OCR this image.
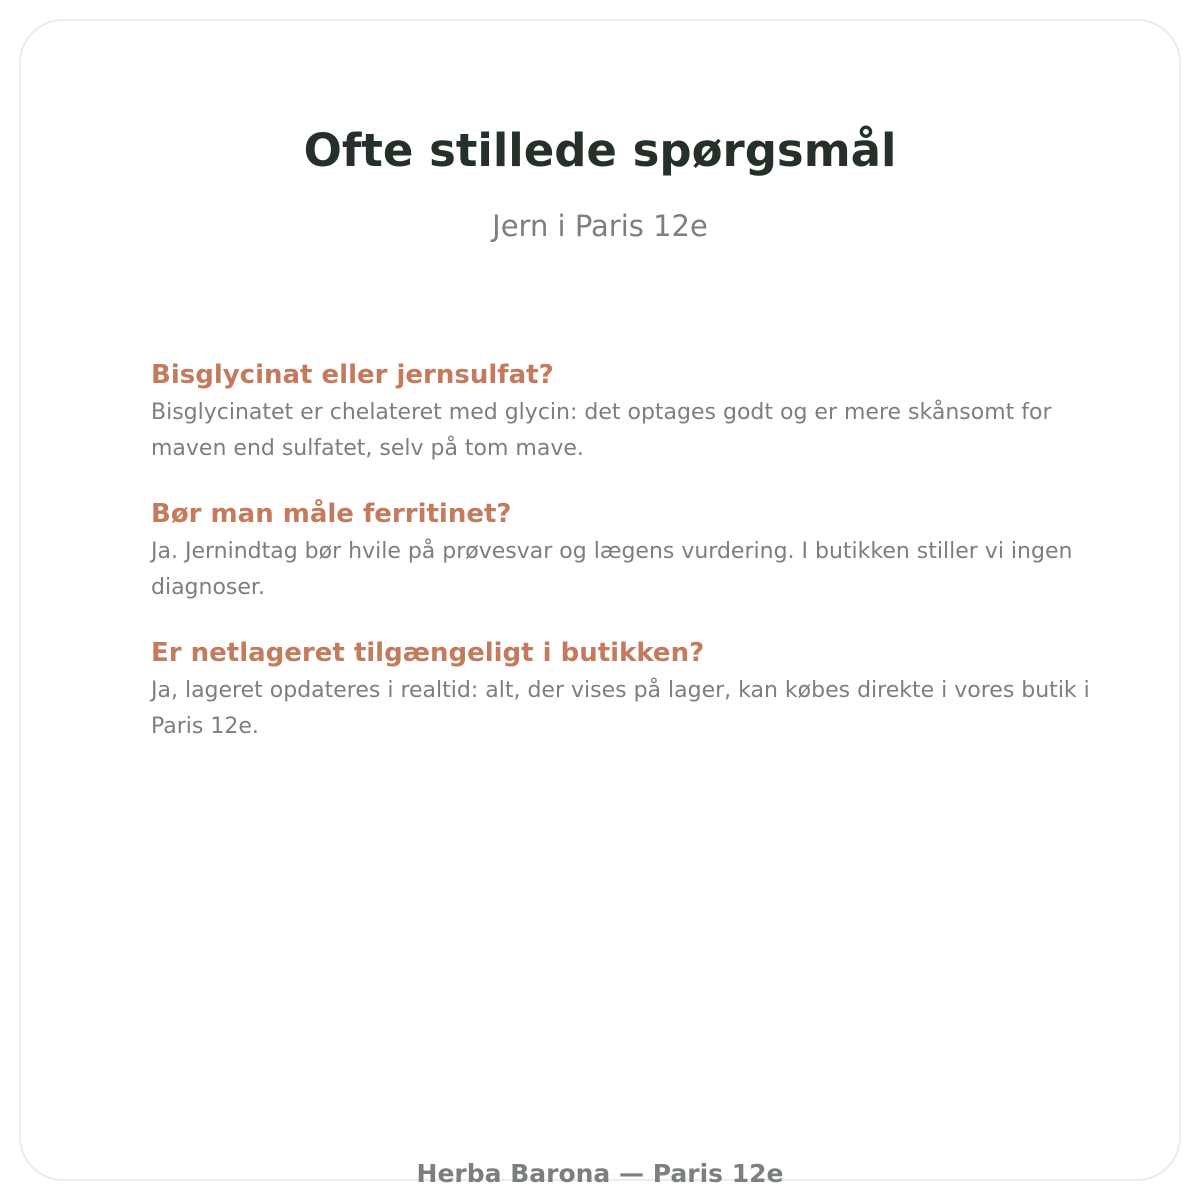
Ofte stillede spørgsmål
Jern i Paris 12e
Bisglycinat eller jernsulfat?

Bisglycinatet er chelateret med glycin: det optages godt og er mere skånsomt for maven end sulfatet, selv på tom mave.

Bør man måle ferritinet?

Ja. Jernindtag bør hvile på prøvesvar og lægens vurdering. I butikken stiller vi ingen diagnoser.

Er netlageret tilgængeligt i butikken?

Ja, lageret opdateres i realtid: alt, der vises på lager, kan købes direkte i vores butik i Paris 12e.

Herba Barona — Paris 12e
